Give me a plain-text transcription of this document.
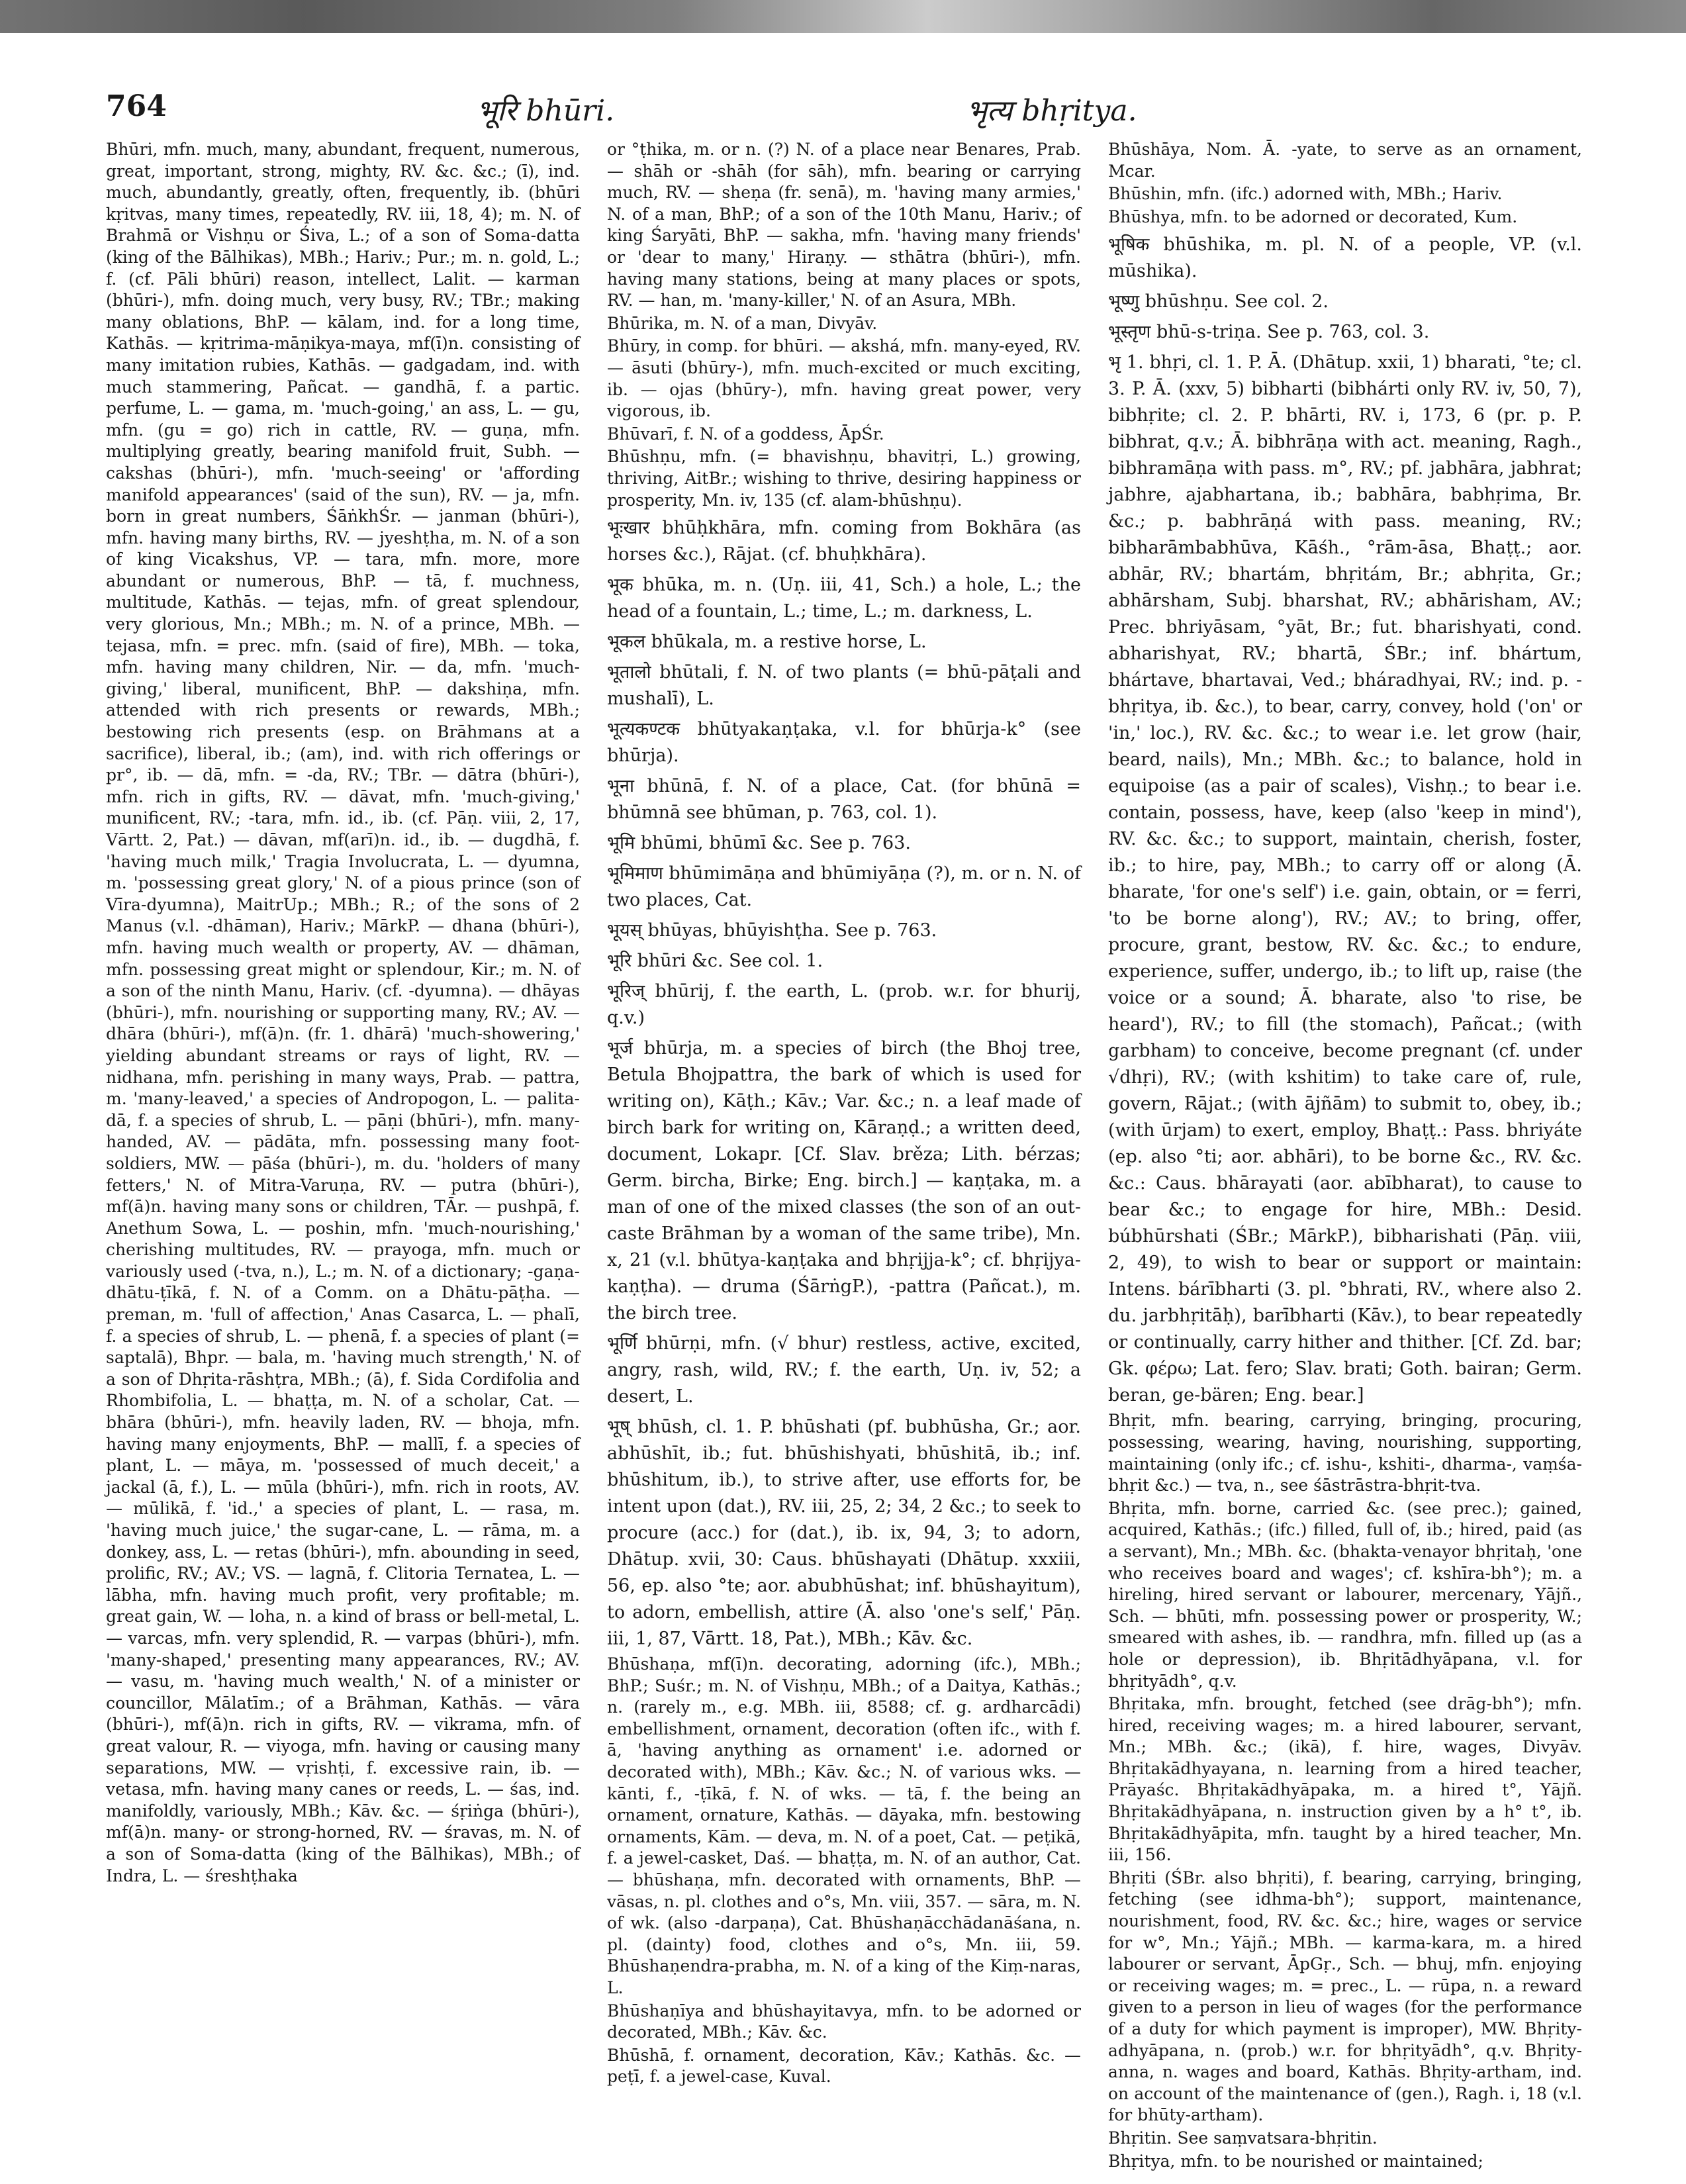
764	भूरि bhūri.	भृत्य bhṛitya.

Bhūri, mfn. much, many, abundant, frequent, numerous, great, important, strong, mighty, RV. &c. &c.; (ī), ind. much, abundantly, greatly, often, frequently, ib. (bhūri kṛitvas, many times, repeatedly, RV. iii, 18, 4); m. N. of Brahmā or Vishṇu or Śiva, L.; of a son of Soma-datta (king of the Bālhikas), MBh.; Hariv.; Pur.; m. n. gold, L.; f. (cf. Pāli bhūri) reason, intellect, Lalit. — karman (bhūri-), mfn. doing much, very busy, RV.; TBr.; making many oblations, BhP. — kālam, ind. for a long time, Kathās. — kṛitrima-māṇikya-maya, mf(ī)n. consisting of many imitation rubies, Kathās. — gadgadam, ind. with much stammering, Pañcat. — gandhā, f. a partic. perfume, L. — gama, m. 'much-going,' an ass, L. — gu, mfn. (gu = go) rich in cattle, RV. — guṇa, mfn. multiplying greatly, bearing manifold fruit, Subh. — cakshas (bhūri-), mfn. 'much-seeing' or 'affording manifold appearances' (said of the sun), RV. — ja, mfn. born in great numbers, ŚāṅkhŚr. — janman (bhūri-), mfn. having many births, RV. — jyeshṭha, m. N. of a son of king Vicakshus, VP. — tara, mfn. more, more abundant or numerous, BhP. — tā, f. muchness, multitude, Kathās. — tejas, mfn. of great splendour, very glorious, Mn.; MBh.; m. N. of a prince, MBh. — tejasa, mfn. = prec. mfn. (said of fire), MBh. — toka, mfn. having many children, Nir. — da, mfn. 'much-giving,' liberal, munificent, BhP. — dakshiṇa, mfn. attended with rich presents or rewards, MBh.; bestowing rich presents (esp. on Brāhmans at a sacrifice), liberal, ib.; (am), ind. with rich offerings or pr°, ib. — dā, mfn. = -da, RV.; TBr. — dātra (bhūri-), mfn. rich in gifts, RV. — dāvat, mfn. 'much-giving,' munificent, RV.; -tara, mfn. id., ib. (cf. Pāṇ. viii, 2, 17, Vārtt. 2, Pat.) — dāvan, mf(arī)n. id., ib. — dugdhā, f. 'having much milk,' Tragia Involucrata, L. — dyumna, m. 'possessing great glory,' N. of a pious prince (son of Vīra-dyumna), MaitrUp.; MBh.; R.; of the sons of 2 Manus (v.l. -dhāman), Hariv.; MārkP. — dhana (bhūri-), mfn. having much wealth or property, AV. — dhāman, mfn. possessing great might or splendour, Kir.; m. N. of a son of the ninth Manu, Hariv. (cf. -dyumna). — dhāyas (bhūri-), mfn. nourishing or supporting many, RV.; AV. — dhāra (bhūri-), mf(ā)n. (fr. 1. dhārā) 'much-showering,' yielding abundant streams or rays of light, RV. — nidhana, mfn. perishing in many ways, Prab. — pattra, m. 'many-leaved,' a species of Andropogon, L. — palita-dā, f. a species of shrub, L. — pāṇi (bhūri-), mfn. many-handed, AV. — pādāta, mfn. possessing many foot-soldiers, MW. — pāśa (bhūri-), m. du. 'holders of many fetters,' N. of Mitra-Varuṇa, RV. — putra (bhūri-), mf(ā)n. having many sons or children, TĀr. — pushpā, f. Anethum Sowa, L. — poshin, mfn. 'much-nourishing,' cherishing multitudes, RV. — prayoga, mfn. much or variously used (-tva, n.), L.; m. N. of a dictionary; -gaṇa-dhātu-ṭīkā, f. N. of a Comm. on a Dhātu-pāṭha. — preman, m. 'full of affection,' Anas Casarca, L. — phalī, f. a species of shrub, L. — phenā, f. a species of plant (= saptalā), Bhpr. — bala, m. 'having much strength,' N. of a son of Dhṛita-rāshṭra, MBh.; (ā), f. Sida Cordifolia and Rhombifolia, L. — bhaṭṭa, m. N. of a scholar, Cat. — bhāra (bhūri-), mfn. heavily laden, RV. — bhoja, mfn. having many enjoyments, BhP. — mallī, f. a species of plant, L. — māya, m. 'possessed of much deceit,' a jackal (ā, f.), L. — mūla (bhūri-), mfn. rich in roots, AV. — mūlikā, f. 'id.,' a species of plant, L. — rasa, m. 'having much juice,' the sugar-cane, L. — rāma, m. a donkey, ass, L. — retas (bhūri-), mfn. abounding in seed, prolific, RV.; AV.; VS. — lagnā, f. Clitoria Ternatea, L. — lābha, mfn. having much profit, very profitable; m. great gain, W. — loha, n. a kind of brass or bell-metal, L. — varcas, mfn. very splendid, R. — varpas (bhūri-), mfn. 'many-shaped,' presenting many appearances, RV.; AV. — vasu, m. 'having much wealth,' N. of a minister or councillor, Mālatīm.; of a Brāhman, Kathās. — vāra (bhūri-), mf(ā)n. rich in gifts, RV. — vikrama, mfn. of great valour, R. — viyoga, mfn. having or causing many separations, MW. — vṛishṭi, f. excessive rain, ib. — vetasa, mfn. having many canes or reeds, L. — śas, ind. manifoldly, variously, MBh.; Kāv. &c. — śṛiṅga (bhūri-), mf(ā)n. many- or strong-horned, RV. — śravas, m. N. of a son of Soma-datta (king of the Bālhikas), MBh.; of Indra, L. — śreshṭhaka

or °ṭhika, m. or n. (?) N. of a place near Benares, Prab. — shāh or -shāh (for sāh), mfn. bearing or carrying much, RV. — sheṇa (fr. senā), m. 'having many armies,' N. of a man, BhP.; of a son of the 10th Manu, Hariv.; of king Śaryāti, BhP. — sakha, mfn. 'having many friends' or 'dear to many,' Hiraṇy. — sthātra (bhūri-), mfn. having many stations, being at many places or spots, RV. — han, m. 'many-killer,' N. of an Asura, MBh.

Bhūrika, m. N. of a man, Divyāv.

Bhūry, in comp. for bhūri. — akshá, mfn. many-eyed, RV. — āsuti (bhūry-), mfn. much-excited or much exciting, ib. — ojas (bhūry-), mfn. having great power, very vigorous, ib.

Bhūvarī, f. N. of a goddess, ĀpŚr.

Bhūshṇu, mfn. (= bhavishṇu, bhavitṛi, L.) growing, thriving, AitBr.; wishing to thrive, desiring happiness or prosperity, Mn. iv, 135 (cf. alam-bhūshṇu).

भूःखार bhūḥkhāra, mfn. coming from Bokhāra (as horses &c.), Rājat. (cf. bhuḥkhāra).

भूक bhūka, m. n. (Uṇ. iii, 41, Sch.) a hole, L.; the head of a fountain, L.; time, L.; m. darkness, L.

भूकल bhūkala, m. a restive horse, L.

भूतालो bhūtali, f. N. of two plants (= bhū-pāṭali and mushalī), L.

भूत्यकण्टक bhūtyakaṇṭaka, v.l. for bhūrja-k° (see bhūrja).

भूना bhūnā, f. N. of a place, Cat. (for bhūnā = bhūmnā see bhūman, p. 763, col. 1).

भूमि bhūmi, bhūmī &c. See p. 763.

भूमिमाण bhūmimāṇa and bhūmiyāṇa (?), m. or n. N. of two places, Cat.

भूयस् bhūyas, bhūyishṭha. See p. 763.

भूरि bhūri &c. See col. 1.

भूरिज् bhūrij, f. the earth, L. (prob. w.r. for bhurij, q.v.)

भूर्ज bhūrja, m. a species of birch (the Bhoj tree, Betula Bhojpattra, the bark of which is used for writing on), Kāṭh.; Kāv.; Var. &c.; n. a leaf made of birch bark for writing on, Kāraṇḍ.; a written deed, document, Lokapr. [Cf. Slav. brěza; Lith. bérzas; Germ. bircha, Birke; Eng. birch.] — kaṇṭaka, m. a man of one of the mixed classes (the son of an out-caste Brāhman by a woman of the same tribe), Mn. x, 21 (v.l. bhūtya-kaṇṭaka and bhṛijja-k°; cf. bhṛijya-kaṇṭha). — druma (ŚārṅgP.), -pattra (Pañcat.), m. the birch tree.

भूर्णि bhūrṇi, mfn. (√ bhur) restless, active, excited, angry, rash, wild, RV.; f. the earth, Uṇ. iv, 52; a desert, L.

भूष् bhūsh, cl. 1. P. bhūshati (pf. bubhūsha, Gr.; aor. abhūshīt, ib.; fut. bhūshishyati, bhūshitā, ib.; inf. bhūshitum, ib.), to strive after, use efforts for, be intent upon (dat.), RV. iii, 25, 2; 34, 2 &c.; to seek to procure (acc.) for (dat.), ib. ix, 94, 3; to adorn, Dhātup. xvii, 30: Caus. bhūshayati (Dhātup. xxxiii, 56, ep. also °te; aor. abubhūshat; inf. bhūshayitum), to adorn, embellish, attire (Ā. also 'one's self,' Pāṇ. iii, 1, 87, Vārtt. 18, Pat.), MBh.; Kāv. &c.

Bhūshaṇa, mf(ī)n. decorating, adorning (ifc.), MBh.; BhP.; Suśr.; m. N. of Vishṇu, MBh.; of a Daitya, Kathās.; n. (rarely m., e.g. MBh. iii, 8588; cf. g. ardharcādi) embellishment, ornament, decoration (often ifc., with f. ā, 'having anything as ornament' i.e. adorned or decorated with), MBh.; Kāv. &c.; N. of various wks. — kānti, f., -ṭīkā, f. N. of wks. — tā, f. the being an ornament, ornature, Kathās. — dāyaka, mfn. bestowing ornaments, Kām. — deva, m. N. of a poet, Cat. — peṭikā, f. a jewel-casket, Daś. — bhaṭṭa, m. N. of an author, Cat. — bhūshaṇa, mfn. decorated with ornaments, BhP. — vāsas, n. pl. clothes and o°s, Mn. viii, 357. — sāra, m. N. of wk. (also -darpaṇa), Cat. Bhūshaṇācchādanāśana, n. pl. (dainty) food, clothes and o°s, Mn. iii, 59. Bhūshaṇendra-prabha, m. N. of a king of the Kiṃ-naras, L.

Bhūshaṇīya and bhūshayitavya, mfn. to be adorned or decorated, MBh.; Kāv. &c.

Bhūshā, f. ornament, decoration, Kāv.; Kathās. &c. — peṭī, f. a jewel-case, Kuval.

Bhūshāya, Nom. Ā. -yate, to serve as an ornament, Mcar.

Bhūshin, mfn. (ifc.) adorned with, MBh.; Hariv.

Bhūshya, mfn. to be adorned or decorated, Kum.

भूषिक bhūshika, m. pl. N. of a people, VP. (v.l. mūshika).

भूष्णु bhūshṇu. See col. 2.

भूस्तृण bhū-s-triṇa. See p. 763, col. 3.

भृ 1. bhṛi, cl. 1. P. Ā. (Dhātup. xxii, 1) bharati, °te; cl. 3. P. Ā. (xxv, 5) bibharti (bibhárti only RV. iv, 50, 7), bibhṛite; cl. 2. P. bhārti, RV. i, 173, 6 (pr. p. P. bibhrat, q.v.; Ā. bibhrāṇa with act. meaning, Ragh., bibhramāṇa with pass. m°, RV.; pf. jabhāra, jabhrat; jabhre, ajabhartana, ib.; babhāra, babhṛima, Br. &c.; p. babhrāṇá with pass. meaning, RV.; bibharāmbabhūva, Kāśh., °rām-āsa, Bhaṭṭ.; aor. abhār, RV.; bhartám, bhṛitám, Br.; abhṛita, Gr.; abhārsham, Subj. bharshat, RV.; abhārisham, AV.; Prec. bhriyāsam, °yāt, Br.; fut. bharishyati, cond. abharishyat, RV.; bhartā, ŚBr.; inf. bhártum, bhártave, bhartavai, Ved.; bháradhyai, RV.; ind. p. -bhṛitya, ib. &c.), to bear, carry, convey, hold ('on' or 'in,' loc.), RV. &c. &c.; to wear i.e. let grow (hair, beard, nails), Mn.; MBh. &c.; to balance, hold in equipoise (as a pair of scales), Vishṇ.; to bear i.e. contain, possess, have, keep (also 'keep in mind'), RV. &c. &c.; to support, maintain, cherish, foster, ib.; to hire, pay, MBh.; to carry off or along (Ā. bharate, 'for one's self') i.e. gain, obtain, or = ferri, 'to be borne along'), RV.; AV.; to bring, offer, procure, grant, bestow, RV. &c. &c.; to endure, experience, suffer, undergo, ib.; to lift up, raise (the voice or a sound; Ā. bharate, also 'to rise, be heard'), RV.; to fill (the stomach), Pañcat.; (with garbham) to conceive, become pregnant (cf. under √dhṛi), RV.; (with kshitim) to take care of, rule, govern, Rājat.; (with ājñām) to submit to, obey, ib.; (with ūrjam) to exert, employ, Bhaṭṭ.: Pass. bhriyáte (ep. also °ti; aor. abhāri), to be borne &c., RV. &c. &c.: Caus. bhārayati (aor. abībharat), to cause to bear &c.; to engage for hire, MBh.: Desid. búbhūrshati (ŚBr.; MārkP.), bibharishati (Pāṇ. viii, 2, 49), to wish to bear or support or maintain: Intens. bárībharti (3. pl. °bhrati, RV., where also 2. du. jarbhṛitāḥ), barībharti (Kāv.), to bear repeatedly or continually, carry hither and thither. [Cf. Zd. bar; Gk. φέρω; Lat. fero; Slav. brati; Goth. bairan; Germ. beran, ge-bären; Eng. bear.]

Bhṛit, mfn. bearing, carrying, bringing, procuring, possessing, wearing, having, nourishing, supporting, maintaining (only ifc.; cf. ishu-, kshiti-, dharma-, vaṃśa-bhṛit &c.) — tva, n., see śāstrāstra-bhṛit-tva.

Bhṛita, mfn. borne, carried &c. (see prec.); gained, acquired, Kathās.; (ifc.) filled, full of, ib.; hired, paid (as a servant), Mn.; MBh. &c. (bhakta-venayor bhṛitaḥ, 'one who receives board and wages'; cf. kshīra-bh°); m. a hireling, hired servant or labourer, mercenary, Yājñ., Sch. — bhūti, mfn. possessing power or prosperity, W.; smeared with ashes, ib. — randhra, mfn. filled up (as a hole or depression), ib. Bhṛitādhyāpana, v.l. for bhṛityādh°, q.v.

Bhṛitaka, mfn. brought, fetched (see drāg-bh°); mfn. hired, receiving wages; m. a hired labourer, servant, Mn.; MBh. &c.; (ikā), f. hire, wages, Divyāv. Bhṛitakādhyayana, n. learning from a hired teacher, Prāyaśc. Bhṛitakādhyāpaka, m. a hired t°, Yājñ. Bhṛitakādhyāpana, n. instruction given by a h° t°, ib. Bhṛitakādhyāpita, mfn. taught by a hired teacher, Mn. iii, 156.

Bhṛiti (ŚBr. also bhṛiti), f. bearing, carrying, bringing, fetching (see idhma-bh°); support, maintenance, nourishment, food, RV. &c. &c.; hire, wages or service for w°, Mn.; Yājñ.; MBh. — karma-kara, m. a hired labourer or servant, ĀpGṛ., Sch. — bhuj, mfn. enjoying or receiving wages; m. = prec., L. — rūpa, n. a reward given to a person in lieu of wages (for the performance of a duty for which payment is improper), MW. Bhṛity-adhyāpana, n. (prob.) w.r. for bhṛityādh°, q.v. Bhṛity-anna, n. wages and board, Kathās. Bhṛity-artham, ind. on account of the maintenance of (gen.), Ragh. i, 18 (v.l. for bhūty-artham).

Bhṛitin. See saṃvatsara-bhṛitin.

Bhṛitya, mfn. to be nourished or maintained;
